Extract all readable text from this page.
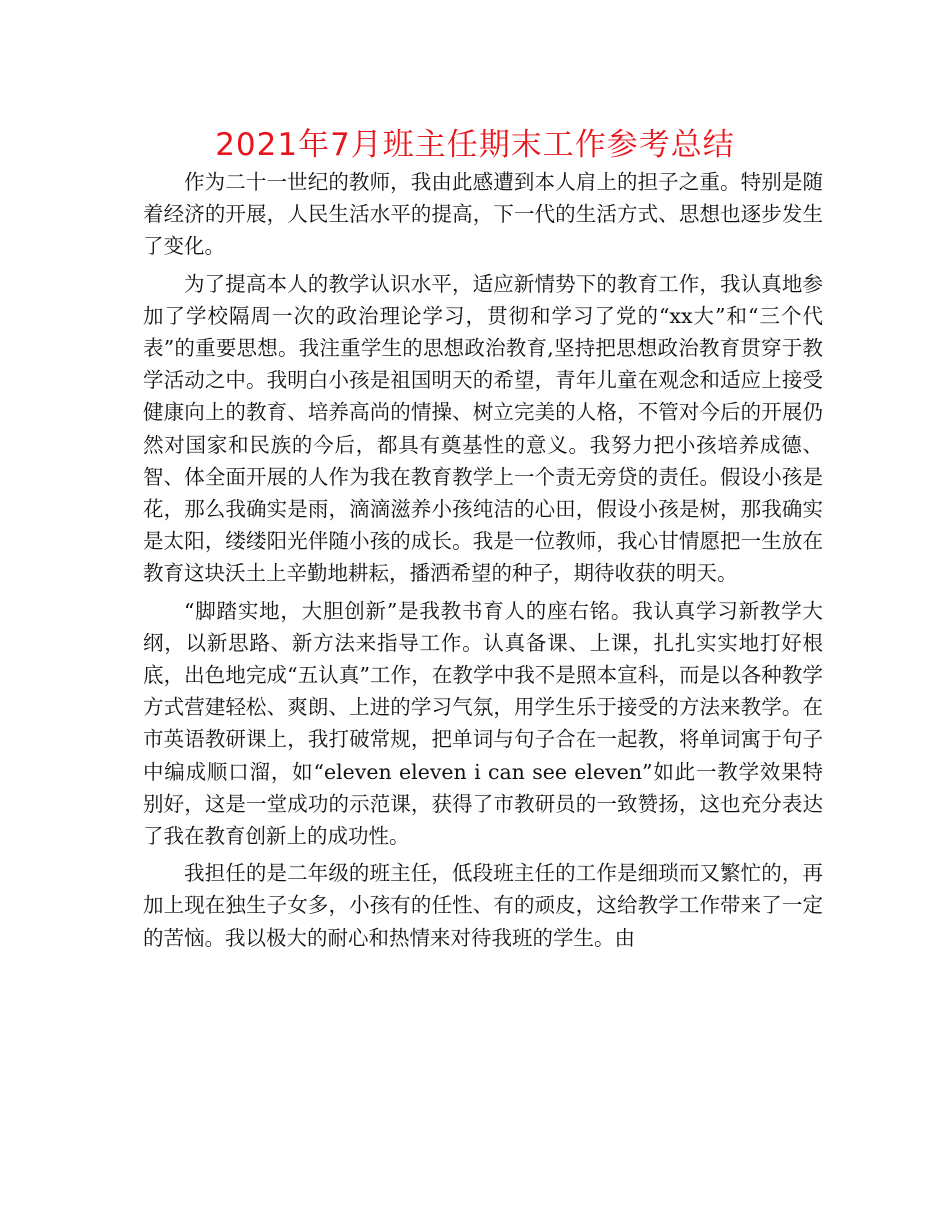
2021年7月班主任期末工作参考总结

作为二十一世纪的教师，我由此感遭到本人肩上的担子之重。特别是随着经济的开展，人民生活水平的提高，下一代的生活方式、思想也逐步发生了变化。

为了提高本人的教学认识水平，适应新情势下的教育工作，我认真地参加了学校隔周一次的政治理论学习，贯彻和学习了党的“xx大”和“三个代表”的重要思想。我注重学生的思想政治教育,坚持把思想政治教育贯穿于教学活动之中。我明白小孩是祖国明天的希望，青年儿童在观念和适应上接受健康向上的教育、培养高尚的情操、树立完美的人格，不管对今后的开展仍然对国家和民族的今后，都具有奠基性的意义。我努力把小孩培养成德、智、体全面开展的人作为我在教育教学上一个责无旁贷的责任。假设小孩是花，那么我确实是雨，滴滴滋养小孩纯洁的心田，假设小孩是树，那我确实是太阳，缕缕阳光伴随小孩的成长。我是一位教师，我心甘情愿把一生放在教育这块沃土上辛勤地耕耘，播洒希望的种子，期待收获的明天。

“脚踏实地，大胆创新”是我教书育人的座右铭。我认真学习新教学大纲，以新思路、新方法来指导工作。认真备课、上课，扎扎实实地打好根底，出色地完成“五认真”工作，在教学中我不是照本宣科，而是以各种教学方式营建轻松、爽朗、上进的学习气氛，用学生乐于接受的方法来教学。在市英语教研课上，我打破常规，把单词与句子合在一起教，将单词寓于句子中编成顺口溜，如“eleven eleven i can see eleven”如此一教学效果特别好，这是一堂成功的示范课，获得了市教研员的一致赞扬，这也充分表达了我在教育创新上的成功性。

我担任的是二年级的班主任，低段班主任的工作是细琐而又繁忙的，再加上现在独生子女多，小孩有的任性、有的顽皮，这给教学工作带来了一定的苦恼。我以极大的耐心和热情来对待我班的学生。由
